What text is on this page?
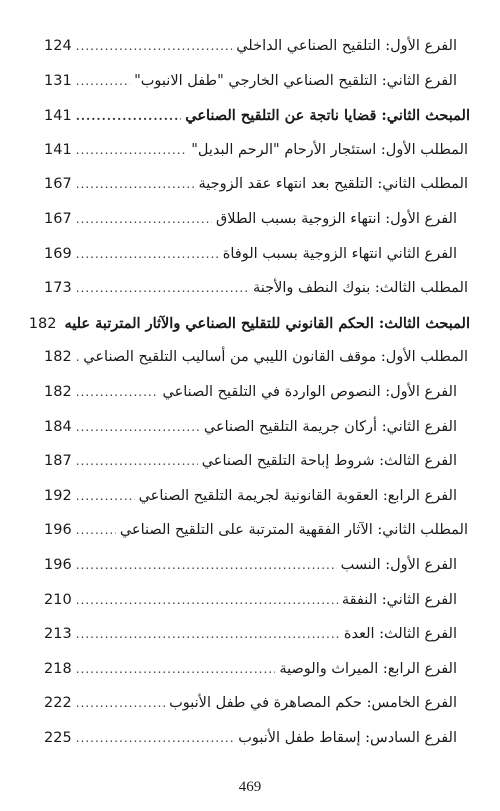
الفرع الأول: التلقيح الصناعي الداخلي
.....
124
الفرع الثاني: التلقيح الصناعي الخارجي "طفل الانبوب"
.....
131
المبحث الثاني: قضايا ناتجة عن التلقيح الصناعي
.....
141
المطلب الأول: استئجار الأرحام "الرحم البديل"
.....
141
المطلب الثاني: التلقيح بعد انتهاء عقد الزوجية
.....
167
الفرع الأول: انتهاء الزوجية بسبب الطلاق
.....
167
الفرع الثاني انتهاء الزوجية بسبب الوفاة
.....
169
المطلب الثالث: بنوك النطف والأجنة
.....
173
المبحث الثالث: الحكم القانوني للتقليح الصناعي والآثار المترتبة عليه
182
المطلب الأول: موقف القانون الليبي من أساليب التلقيح الصناعي
.....
182
الفرع الأول: النصوص الواردة في التلقيح الصناعي
.....
182
الفرع الثاني: أركان جريمة التلقيح الصناعي
.....
184
الفرع الثالث: شروط إباحة التلقيح الصناعي
.....
187
الفرع الرابع: العقوبة القانونية لجريمة التلقيح الصناعي
.....
192
المطلب الثاني: الآثار الفقهية المترتبة على التلقيح الصناعي
.....
196
الفرع الأول: النسب
.....
196
الفرع الثاني: النفقة
.....
210
الفرع الثالث: العدة
.....
213
الفرع الرابع: الميراث والوصية
.....
218
الفرع الخامس: حكم المصاهرة في طفل الأنبوب
.....
222
الفرع السادس: إسقاط طفل الأنبوب
.....
225
469
